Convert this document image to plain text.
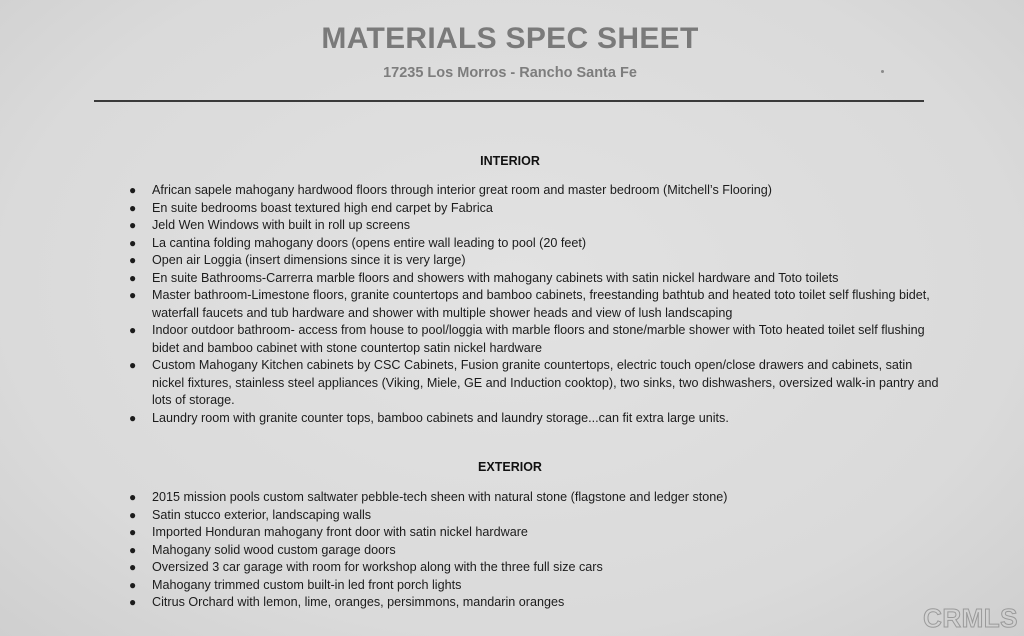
MATERIALS SPEC SHEET
17235 Los Morros - Rancho Santa Fe
INTERIOR
● African sapele mahogany hardwood floors through interior great room and master bedroom (Mitchell’s Flooring)
● En suite bedrooms boast textured high end carpet by Fabrica
● Jeld Wen Windows with built in roll up screens
● La cantina folding mahogany doors (opens entire wall leading to pool (20 feet)
● Open air Loggia (insert dimensions since it is very large)
● En suite Bathrooms-Carrerra marble floors and showers with mahogany cabinets with satin nickel hardware and Toto toilets
● Master bathroom-Limestone floors, granite countertops and bamboo cabinets, freestanding bathtub and heated toto toilet self flushing bidet, waterfall faucets and tub hardware and shower with multiple shower heads and view of lush landscaping
● Indoor outdoor bathroom- access from house to pool/loggia with marble floors and stone/marble shower with Toto heated toilet self flushing bidet and bamboo cabinet with stone countertop satin nickel hardware
● Custom Mahogany Kitchen cabinets by CSC Cabinets, Fusion granite countertops, electric touch open/close drawers and cabinets, satin nickel fixtures, stainless steel appliances (Viking, Miele, GE and Induction cooktop), two sinks, two dishwashers, oversized walk-in pantry and lots of storage.
● Laundry room with granite counter tops, bamboo cabinets and laundry storage...can fit extra large units.
EXTERIOR
● 2015 mission pools custom saltwater pebble-tech sheen with natural stone (flagstone and ledger stone)
● Satin stucco exterior, landscaping walls
● Imported Honduran mahogany front door with satin nickel hardware
● Mahogany solid wood custom garage doors
● Oversized 3 car garage with room for workshop along with the three full size cars
● Mahogany trimmed custom built-in led front porch lights
● Citrus Orchard with lemon, lime, oranges, persimmons, mandarin oranges
CRMLS
